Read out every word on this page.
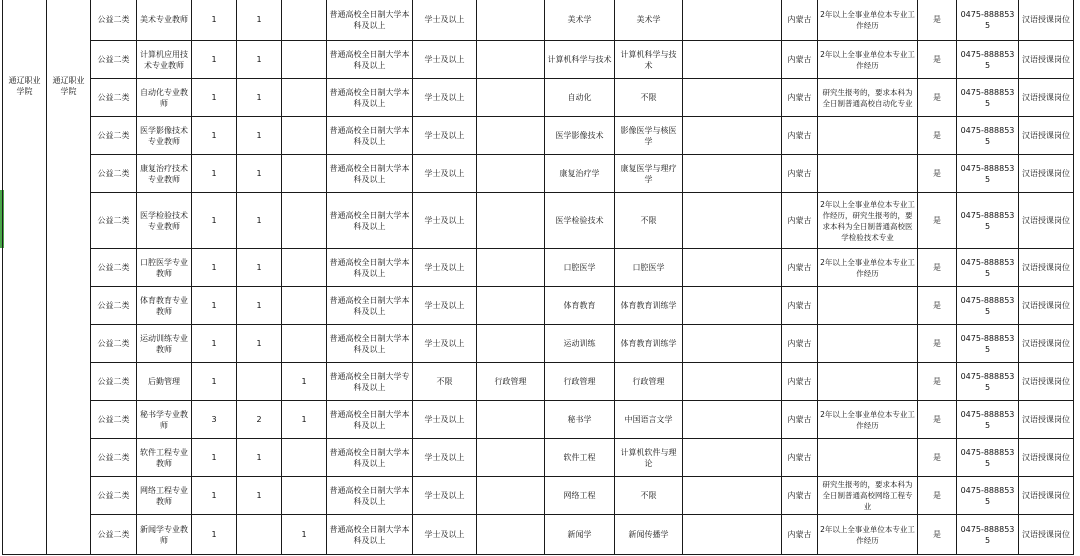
通辽职业学院	通辽职业学院	公益二类	美术专业教师	1	1		普通高校全日制大学本科及以上	学士及以上		美术学	美术学		内蒙古	2年以上全事业单位本专业工作经历	是	0475-8888535	汉语授课岗位
		公益二类	计算机应用技术专业教师	1	1		普通高校全日制大学本科及以上	学士及以上		计算机科学与技术	计算机科学与技术		内蒙古	2年以上全事业单位本专业工作经历	是	0475-8888535	汉语授课岗位
		公益二类	自动化专业教师	1	1		普通高校全日制大学本科及以上	学士及以上		自动化	不限		内蒙古	研究生报考的，要求本科为全日制普通高校自动化专业	是	0475-8888535	汉语授课岗位
		公益二类	医学影像技术专业教师	1	1		普通高校全日制大学本科及以上	学士及以上		医学影像技术	影像医学与核医学		内蒙古		是	0475-8888535	汉语授课岗位
		公益二类	康复治疗技术专业教师	1	1		普通高校全日制大学本科及以上	学士及以上		康复治疗学	康复医学与理疗学		内蒙古		是	0475-8888535	汉语授课岗位
		公益二类	医学检验技术专业教师	1	1		普通高校全日制大学本科及以上	学士及以上		医学检验技术	不限		内蒙古	2年以上全事业单位本专业工作经历，研究生报考的，要求本科为全日制普通高校医学检验技术专业	是	0475-8888535	汉语授课岗位
		公益二类	口腔医学专业教师	1	1		普通高校全日制大学本科及以上	学士及以上		口腔医学	口腔医学		内蒙古	2年以上全事业单位本专业工作经历	是	0475-8888535	汉语授课岗位
		公益二类	体育教育专业教师	1	1		普通高校全日制大学本科及以上	学士及以上		体育教育	体育教育训练学		内蒙古		是	0475-8888535	汉语授课岗位
		公益二类	运动训练专业教师	1	1		普通高校全日制大学本科及以上	学士及以上		运动训练	体育教育训练学		内蒙古		是	0475-8888535	汉语授课岗位
		公益二类	后勤管理	1		1	普通高校全日制大学专科及以上	不限	行政管理	行政管理	行政管理		内蒙古		是	0475-8888535	汉语授课岗位
		公益二类	秘书学专业教师	3	2	1	普通高校全日制大学本科及以上	学士及以上		秘书学	中国语言文学		内蒙古	2年以上全事业单位本专业工作经历	是	0475-8888535	汉语授课岗位
		公益二类	软件工程专业教师	1	1		普通高校全日制大学本科及以上	学士及以上		软件工程	计算机软件与理论		内蒙古		是	0475-8888535	汉语授课岗位
		公益二类	网络工程专业教师	1	1		普通高校全日制大学本科及以上	学士及以上		网络工程	不限		内蒙古	研究生报考的，要求本科为全日制普通高校网络工程专业	是	0475-8888535	汉语授课岗位
		公益二类	新闻学专业教师	1		1	普通高校全日制大学本科及以上	学士及以上		新闻学	新闻传播学		内蒙古	2年以上全事业单位本专业工作经历	是	0475-8888535	汉语授课岗位
